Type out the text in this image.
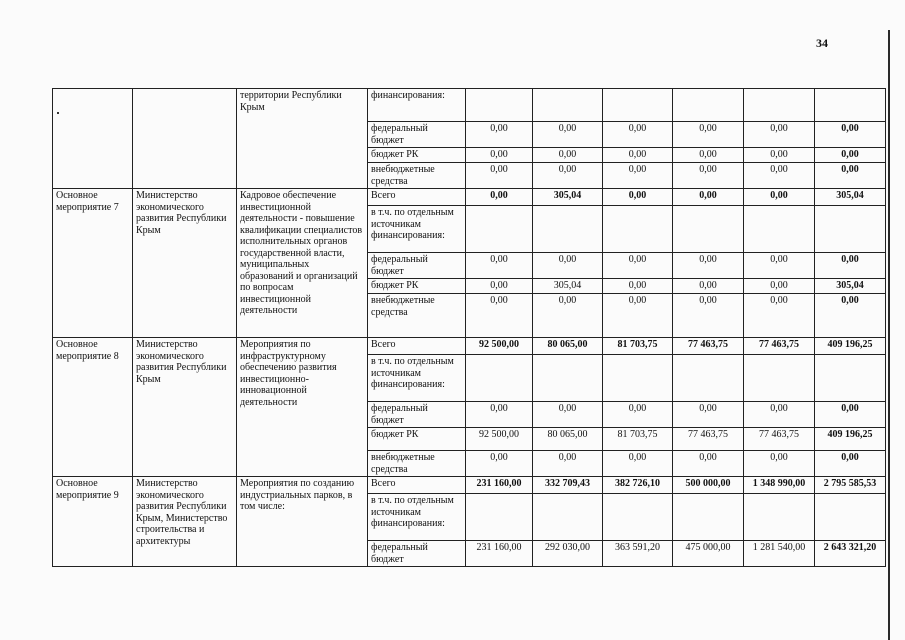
34
		территории Республики Крым	финансирования:						
			федеральный бюджет	0,00	0,00	0,00	0,00	0,00	0,00
			бюджет РК	0,00	0,00	0,00	0,00	0,00	0,00
			внебюджетные средства	0,00	0,00	0,00	0,00	0,00	0,00
Основное мероприятие 7	Министерство экономического развития Республики Крым	Кадровое обеспечение инвестиционной деятельности - повышение квалификации специалистов исполнительных органов государственной власти, муниципальных образований и организаций по вопросам инвестиционной деятельности	Всего	0,00	305,04	0,00	0,00	0,00	305,04
			в т.ч. по отдельным источникам финансирования:						
			федеральный бюджет	0,00	0,00	0,00	0,00	0,00	0,00
			бюджет РК	0,00	305,04	0,00	0,00	0,00	305,04
			внебюджетные средства	0,00	0,00	0,00	0,00	0,00	0,00
Основное мероприятие 8	Министерство экономического развития Республики Крым	Мероприятия по инфраструктурному обеспечению развития инвестиционно-инновационной деятельности	Всего	92 500,00	80 065,00	81 703,75	77 463,75	77 463,75	409 196,25
			в т.ч. по отдельным источникам финансирования:						
			федеральный бюджет	0,00	0,00	0,00	0,00	0,00	0,00
			бюджет РК	92 500,00	80 065,00	81 703,75	77 463,75	77 463,75	409 196,25
			внебюджетные средства	0,00	0,00	0,00	0,00	0,00	0,00
Основное мероприятие 9	Министерство экономического развития Республики Крым, Министерство строительства и архитектуры	Мероприятия по созданию индустриальных парков, в том числе:	Всего	231 160,00	332 709,43	382 726,10	500 000,00	1 348 990,00	2 795 585,53
			в т.ч. по отдельным источникам финансирования:						
			федеральный бюджет	231 160,00	292 030,00	363 591,20	475 000,00	1 281 540,00	2 643 321,20
